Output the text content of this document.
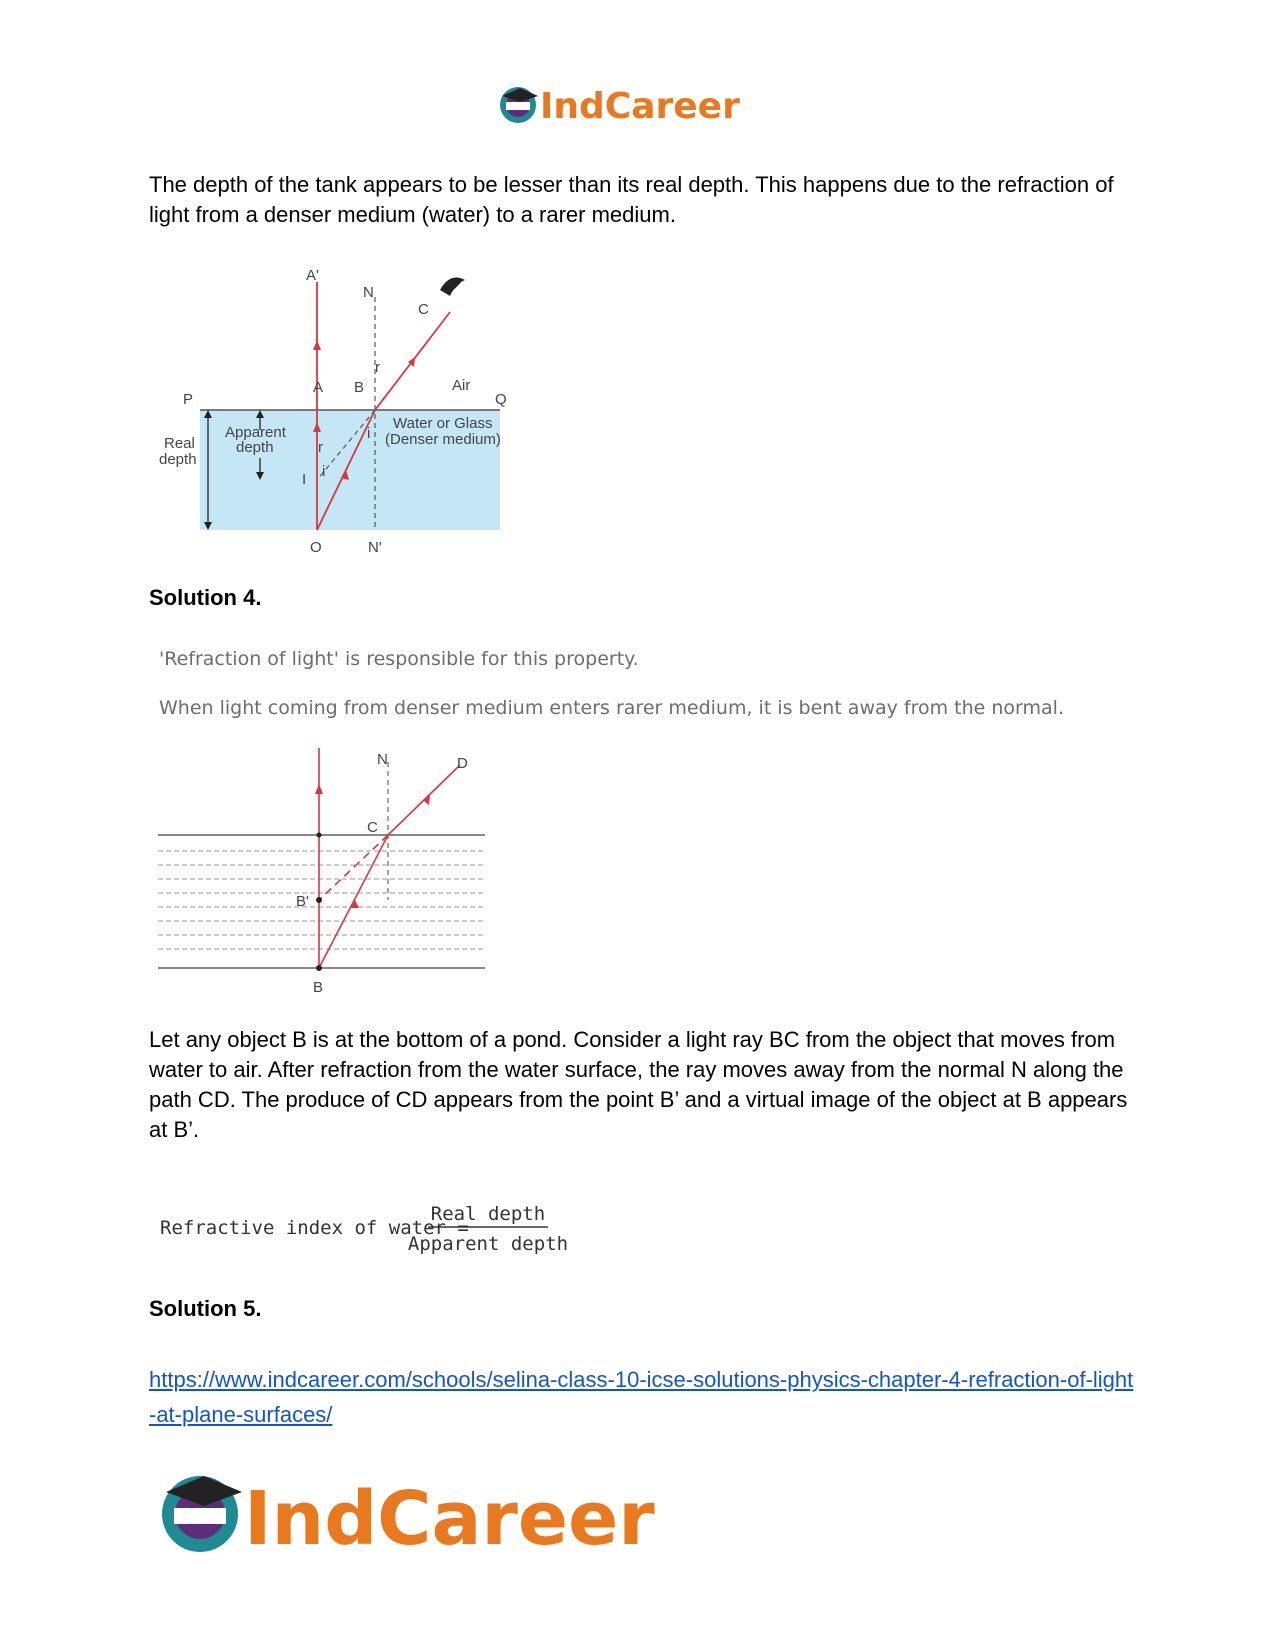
IndCareer

The depth of the tank appears to be lesser than its real depth. This happens due to the refraction of light from a denser medium (water) to a rarer medium.

A'
N
C
A B
r
Air
P	Q
Apparent
depth
Real
depth
Water or Glass
(Denser medium)
i
r
i
I
O	N'

Solution 4.

'Refraction of light' is responsible for this property.

When light coming from denser medium enters rarer medium, it is bent away from the normal.

N	D
C
B'
B

Let any object B is at the bottom of a pond. Consider a light ray BC from the object that moves from water to air. After refraction from the water surface, the ray moves away from the normal N along the path CD. The produce of CD appears from the point B’ and a virtual image of the object at B appears at B’.

Refractive index of water =
Real depth
Apparent depth

Solution 5.

https://www.indcareer.com/schools/selina-class-10-icse-solutions-physics-chapter-4-refraction-of-light-at-plane-surfaces/
IndCareer
